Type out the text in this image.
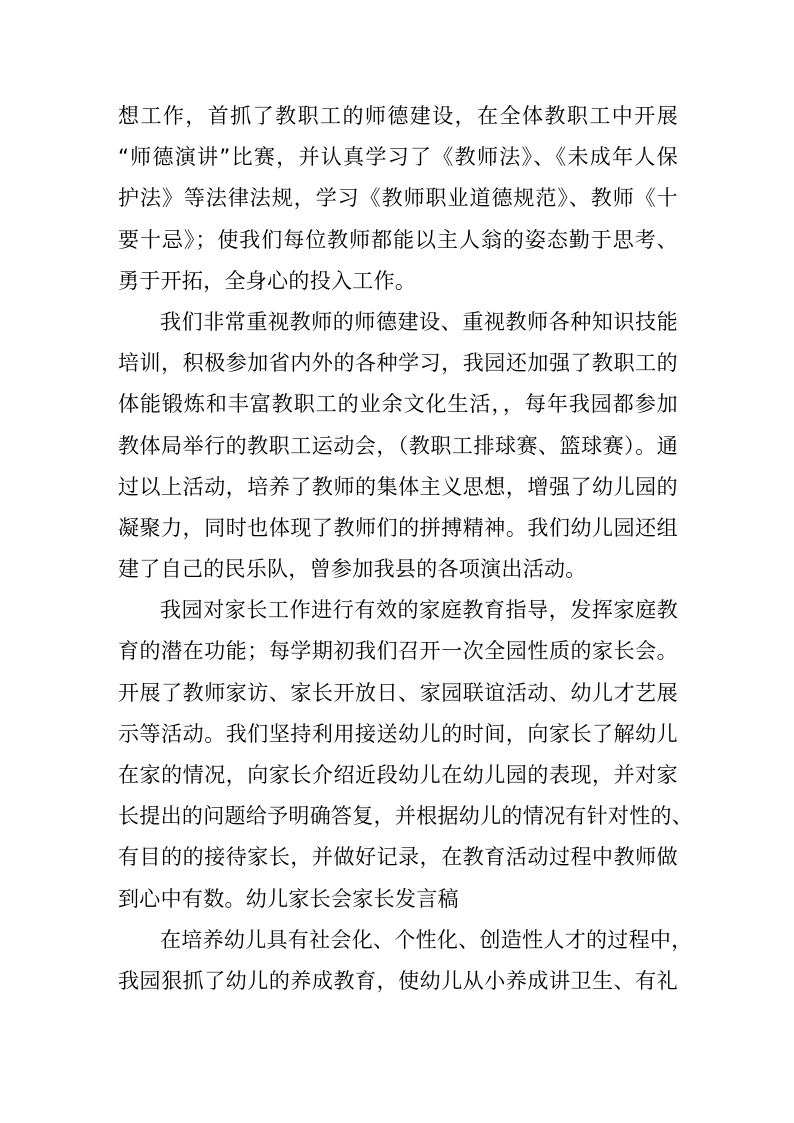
想工作，首抓了教职工的师德建设，在全体教职工中开展
“师德演讲”比赛，并认真学习了《教师法》、《未成年人保
护法》等法律法规，学习《教师职业道德规范》、教师《十
要十忌》；使我们每位教师都能以主人翁的姿态勤于思考、
勇于开拓，全身心的投入工作。

我们非常重视教师的师德建设、重视教师各种知识技能
培训，积极参加省内外的各种学习，我园还加强了教职工的
体能锻炼和丰富教职工的业余文化生活，，每年我园都参加
教体局举行的教职工运动会，（教职工排球赛、篮球赛）。通
过以上活动，培养了教师的集体主义思想，增强了幼儿园的
凝聚力，同时也体现了教师们的拼搏精神。我们幼儿园还组
建了自己的民乐队，曾参加我县的各项演出活动。

我园对家长工作进行有效的家庭教育指导，发挥家庭教
育的潜在功能；每学期初我们召开一次全园性质的家长会。
开展了教师家访、家长开放日、家园联谊活动、幼儿才艺展
示等活动。我们坚持利用接送幼儿的时间，向家长了解幼儿
在家的情况，向家长介绍近段幼儿在幼儿园的表现，并对家
长提出的问题给予明确答复，并根据幼儿的情况有针对性的、
有目的的接待家长，并做好记录，在教育活动过程中教师做
到心中有数。幼儿家长会家长发言稿

在培养幼儿具有社会化、个性化、创造性人才的过程中，
我园狠抓了幼儿的养成教育，使幼儿从小养成讲卫生、有礼
